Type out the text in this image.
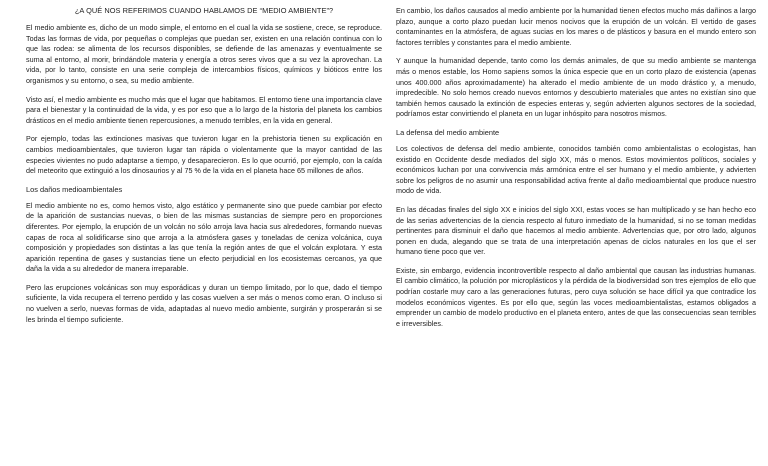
¿A QUÉ NOS REFERIMOS CUANDO HABLAMOS DE “MEDIO AMBIENTE”?

El medio ambiente es, dicho de un modo simple, el entorno en el cual la vida se sostiene, crece, se reproduce. Todas las formas de vida, por pequeñas o complejas que puedan ser, existen en una relación continua con lo que las rodea: se alimenta de los recursos disponibles, se defiende de las amenazas y eventualmente se suma al entorno, al morir, brindándole materia y energía a otros seres vivos que a su vez la aprovechan. La vida, por lo tanto, consiste en una serie compleja de intercambios físicos, químicos y bióticos entre los organismos y su entorno, o sea, su medio ambiente.

Visto así, el medio ambiente es mucho más que el lugar que habitamos. El entorno tiene una importancia clave para el bienestar y la continuidad de la vida, y es por eso que a lo largo de la historia del planeta los cambios drásticos en el medio ambiente tienen repercusiones, a menudo terribles, en la vida en general.

Por ejemplo, todas las extinciones masivas que tuvieron lugar en la prehistoria tienen su explicación en cambios medioambientales, que tuvieron lugar tan rápida o violentamente que la mayor cantidad de las especies vivientes no pudo adaptarse a tiempo, y desaparecieron. Es lo que ocurrió, por ejemplo, con la caída del meteorito que extinguió a los dinosaurios y al 75 % de la vida en el planeta hace 65 millones de años.

Los daños medioambientales

El medio ambiente no es, como hemos visto, algo estático y permanente sino que puede cambiar por efecto de la aparición de sustancias nuevas, o bien de las mismas sustancias de siempre pero en proporciones diferentes. Por ejemplo, la erupción de un volcán no sólo arroja lava hacia sus alrededores, formando nuevas capas de roca al solidificarse sino que arroja a la atmósfera gases y toneladas de ceniza volcánica, cuya composición y propiedades son distintas a las que tenía la región antes de que el volcán explotara. Y esta aparición repentina de gases y sustancias tiene un efecto perjudicial en los ecosistemas cercanos, ya que daña la vida a su alrededor de manera irreparable.

Pero las erupciones volcánicas son muy esporádicas y duran un tiempo limitado, por lo que, dado el tiempo suficiente, la vida recupera el terreno perdido y las cosas vuelven a ser más o menos como eran. O incluso si no vuelven a serlo, nuevas formas de vida, adaptadas al nuevo medio ambiente, surgirán y prosperarán si se les brinda el tiempo suficiente.

En cambio, los daños causados al medio ambiente por la humanidad tienen efectos mucho más dañinos a largo plazo, aunque a corto plazo puedan lucir menos nocivos que la erupción de un volcán. El vertido de gases contaminantes en la atmósfera, de aguas sucias en los mares o de plásticos y basura en el mundo entero son factores terribles y constantes para el medio ambiente.

Y aunque la humanidad depende, tanto como los demás animales, de que su medio ambiente se mantenga más o menos estable, los Homo sapiens somos la única especie que en un corto plazo de existencia (apenas unos 400.000 años aproximadamente) ha alterado el medio ambiente de un modo drástico y, a menudo, impredecible. No solo hemos creado nuevos entornos y descubierto materiales que antes no existían sino que también hemos causado la extinción de especies enteras y, según advierten algunos sectores de la sociedad, podríamos estar convirtiendo el planeta en un lugar inhóspito para nosotros mismos.

La defensa del medio ambiente

Los colectivos de defensa del medio ambiente, conocidos también como ambientalistas o ecologistas, han existido en Occidente desde mediados del siglo XX, más o menos. Estos movimientos políticos, sociales y económicos luchan por una convivencia más armónica entre el ser humano y el medio ambiente, y advierten sobre los peligros de no asumir una responsabilidad activa frente al daño medioambiental que produce nuestro modo de vida.

En las décadas finales del siglo XX e inicios del siglo XXI, estas voces se han multiplicado y se han hecho eco de las serias advertencias de la ciencia respecto al futuro inmediato de la humanidad, si no se toman medidas pertinentes para disminuir el daño que hacemos al medio ambiente. Advertencias que, por otro lado, algunos ponen en duda, alegando que se trata de una interpretación apenas de ciclos naturales en los que el ser humano tiene poco que ver.

Existe, sin embargo, evidencia incontrovertible respecto al daño ambiental que causan las industrias humanas. El cambio climático, la polución por microplásticos y la pérdida de la biodiversidad son tres ejemplos de ello que podrían costarle muy caro a las generaciones futuras, pero cuya solución se hace difícil ya que contradice los modelos económicos vigentes. Es por ello que, según las voces medioambientalistas, estamos obligados a emprender un cambio de modelo productivo en el planeta entero, antes de que las consecuencias sean terribles e irreversibles.
